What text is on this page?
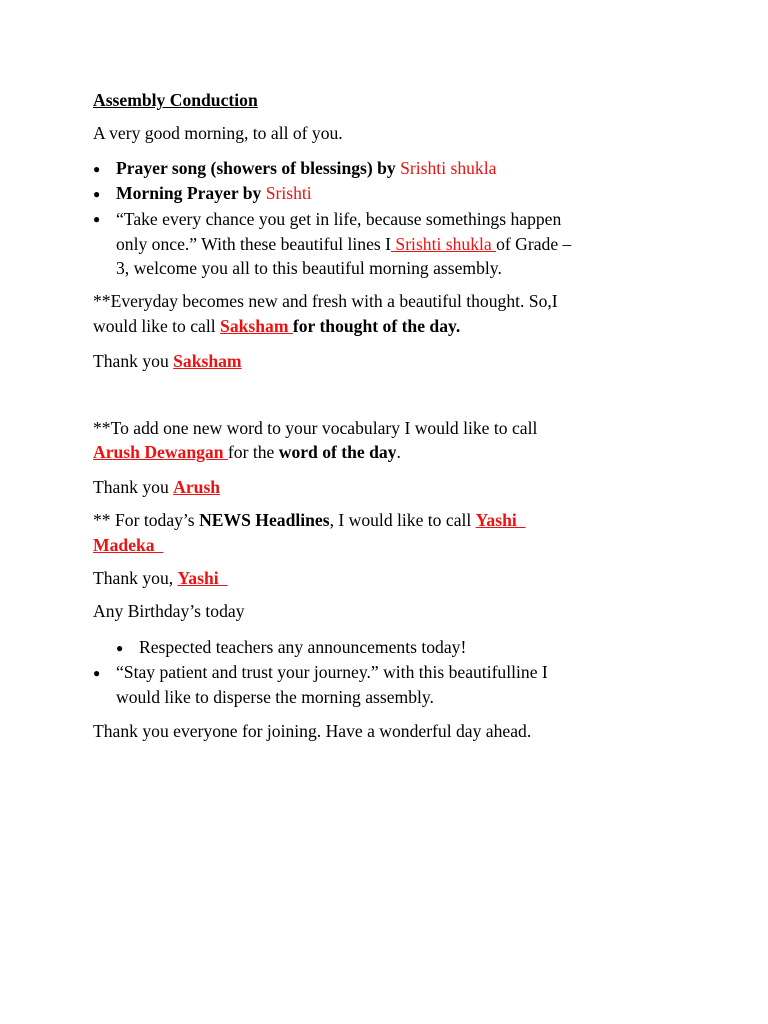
Assembly Conduction
A very good morning, to all of you.
● Prayer song (showers of blessings) by Srishti shukla
● Morning Prayer by Srishti
● “Take every chance you get in life, because somethings happen
only once.” With these beautiful lines I Srishti shukla of Grade –
3, welcome you all to this beautiful morning assembly.
**Everyday becomes new and fresh with a beautiful thought. So,I
would like to call Saksham for thought of the day.
Thank you Saksham
**To add one new word to your vocabulary I would like to call
Arush Dewangan for the word of the day.
Thank you Arush
** For today’s NEWS Headlines, I would like to call Yashi
Madeka
Thank you, Yashi
Any Birthday’s today
● Respected teachers any announcements today!
● “Stay patient and trust your journey.” with this beautifulline I
would like to disperse the morning assembly.
Thank you everyone for joining. Have a wonderful day ahead.
